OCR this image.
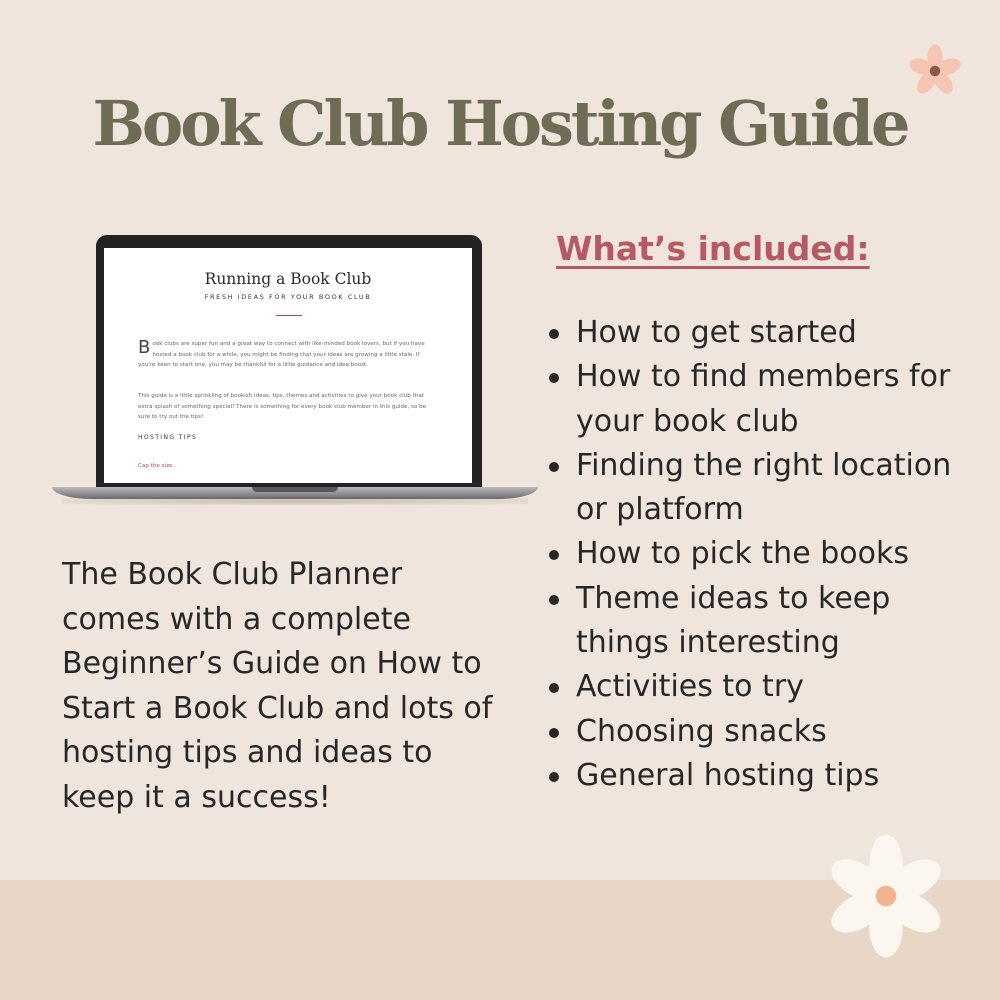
Book Club Hosting Guide
Running a Book Club
FRESH IDEAS FOR YOUR BOOK CLUB

Book clubs are super fun and a great way to connect with like-minded book lovers, but if you have hosted a book club for a while, you might be finding that your ideas are growing a little stale. If you're keen to start one, you may be thankful for a little guidance and idea boost.

This guide is a little sprinkling of bookish ideas, tips, themes and activities to give your book club that extra splash of something special! There is something for every book club member in this guide, so be sure to try out the tips!

HOSTING TIPS
Cap the size

The Book Club Planner comes with a complete Beginner’s Guide on How to Start a Book Club and lots of hosting tips and ideas to keep it a success!

What’s included:
How to get started
How to find members for your book club
Finding the right location or platform
How to pick the books
Theme ideas to keep things interesting
Activities to try
Choosing snacks
General hosting tips
